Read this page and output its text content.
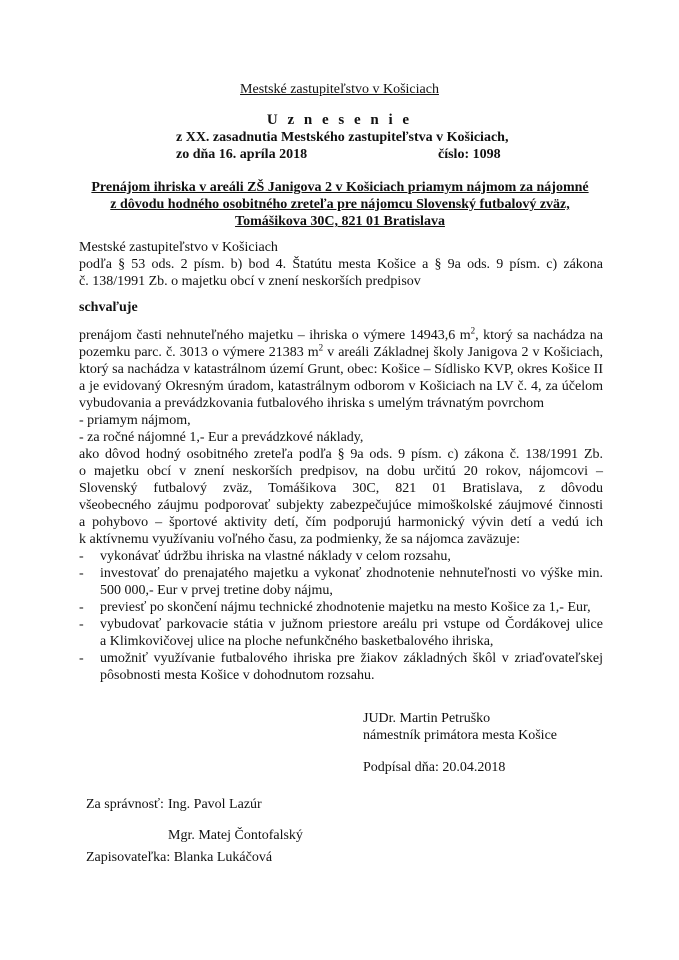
Mestské zastupiteľstvo v Košiciach
U z n e s e n i e
z XX. zasadnutia Mestského zastupiteľstva v Košiciach,
zo dňa 16. apríla 2018	číslo: 1098
Prenájom ihriska v areáli ZŠ Janigova 2 v Košiciach priamym nájmom za nájomné
z dôvodu hodného osobitného zreteľa pre nájomcu Slovenský futbalový zväz,
Tomášikova 30C, 821 01 Bratislava
Mestské zastupiteľstvo v Košiciach
podľa § 53 ods. 2 písm. b) bod 4. Štatútu mesta Košice a § 9a ods. 9 písm. c) zákona
č. 138/1991 Zb. o majetku obcí v znení neskorších predpisov
schvaľuje
prenájom časti nehnuteľného majetku – ihriska o výmere 14943,6 $m^2$, ktorý sa nachádza na
pozemku parc. č. 3013 o výmere 21383 $m^2$ v areáli Základnej školy Janigova 2 v Košiciach,
ktorý sa nachádza v katastrálnom území Grunt, obec: Košice – Sídlisko KVP, okres Košice II
a je evidovaný Okresným úradom, katastrálnym odborom v Košiciach na LV č. 4, za účelom
vybudovania a prevádzkovania futbalového ihriska s umelým trávnatým povrchom
- priamym nájmom,
- za ročné nájomné 1,- Eur a prevádzkové náklady,
ako dôvod hodný osobitného zreteľa podľa § 9a ods. 9 písm. c) zákona č. 138/1991 Zb.
o majetku obcí v znení neskorších predpisov, na dobu určitú 20 rokov, nájomcovi –
Slovenský futbalový zväz, Tomášikova 30C, 821 01 Bratislava, z dôvodu
všeobecného záujmu podporovať subjekty zabezpečujúce mimoškolské záujmové činnosti
a pohybovo – športové aktivity detí, čím podporujú harmonický vývin detí a vedú ich
k aktívnemu využívaniu voľného času, za podmienky, že sa nájomca zaväzuje:
-	vykonávať údržbu ihriska na vlastné náklady v celom rozsahu,
-	investovať do prenajatého majetku a vykonať zhodnotenie nehnuteľnosti vo výške min.
500 000,- Eur v prvej tretine doby nájmu,
-	previesť po skončení nájmu technické zhodnotenie majetku na mesto Košice za 1,- Eur,
-	vybudovať parkovacie státia v južnom priestore areálu pri vstupe od Čordákovej ulice
a Klimkovičovej ulice na ploche nefunkčného basketbalového ihriska,
-	umožniť využívanie futbalového ihriska pre žiakov základných škôl v zriaďovateľskej
pôsobnosti mesta Košice v dohodnutom rozsahu.
JUDr. Martin Petruško
námestník primátora mesta Košice
Podpísal dňa: 20.04.2018
Za správnosť: Ing. Pavol Lazúr
Mgr. Matej Čontofalský
Zapisovateľka: Blanka Lukáčová
